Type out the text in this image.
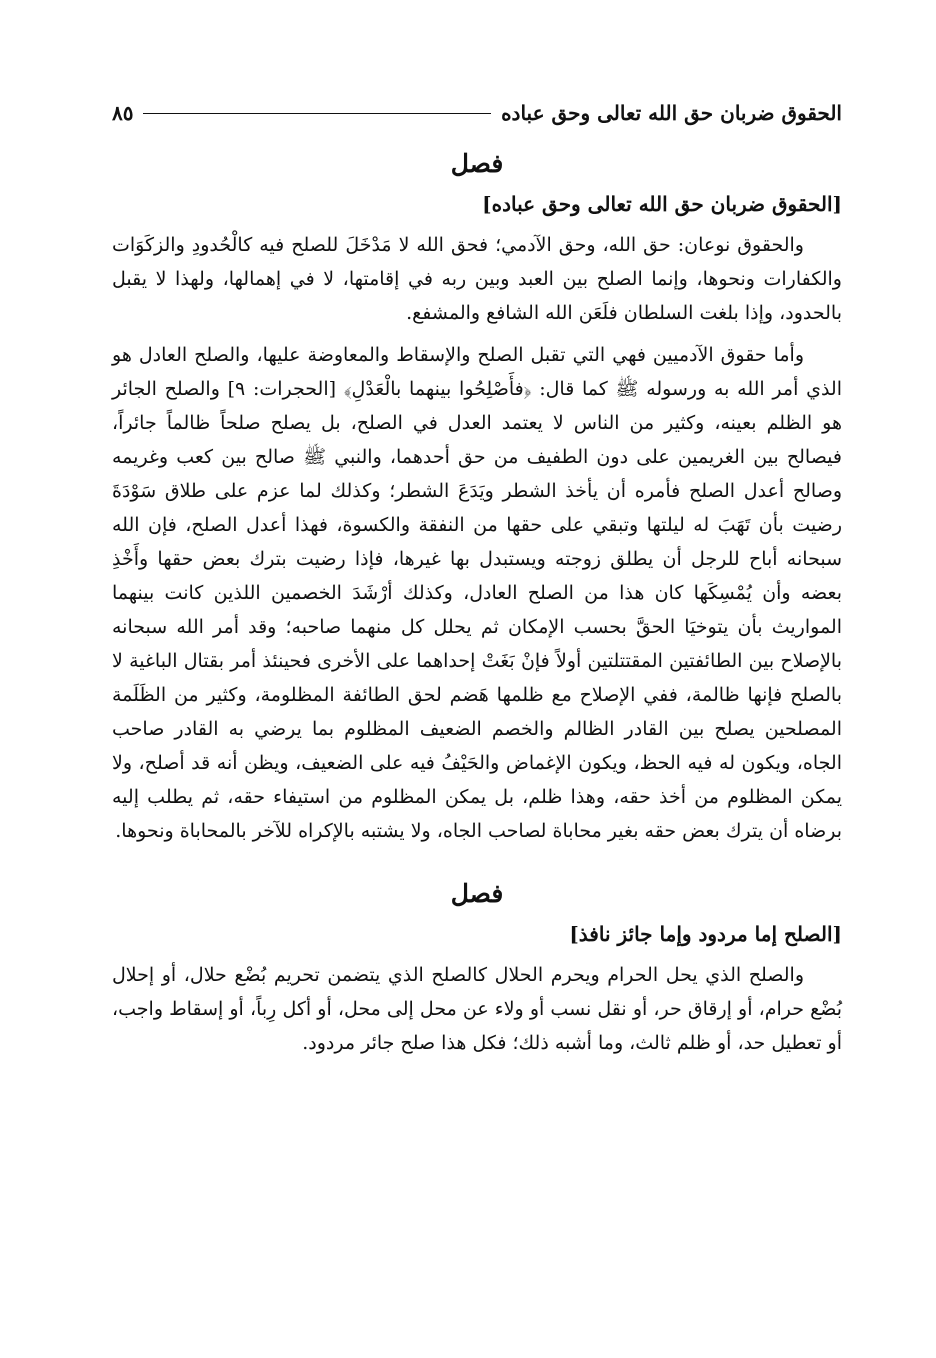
الحقوق ضربان حق الله تعالى وحق عباده
٨٥
فصل
[الحقوق ضربان حق الله تعالى وحق عباده]

والحقوق نوعان: حق الله، وحق الآدمي؛ فحق الله لا مَدْخَلَ للصلح فيه كالْحُدودِ والزكَوَات والكفارات ونحوها، وإنما الصلح بين العبد وبين ربه في إقامتها، لا في إهمالها، ولهذا لا يقبل بالحدود، وإذا بلغت السلطان فلَعَن الله الشافع والمشفع.

وأما حقوق الآدميين فهي التي تقبل الصلح والإسقاط والمعاوضة عليها، والصلح العادل هو الذي أمر الله به ورسوله ﷺ كما قال: ﴿فأَصْلِحُوا بينهما بالْعَدْلِ﴾ [الحجرات: ٩] والصلح الجائر هو الظلم بعينه، وكثير من الناس لا يعتمد العدل في الصلح، بل يصلح صلحاً ظالماً جائراً، فيصالح بين الغريمين على دون الطفيف من حق أحدهما، والنبي ﷺ صالح بين كعب وغريمه وصالح أعدل الصلح فأمره أن يأخذ الشطر ويَدَعَ الشطر؛ وكذلك لما عزم على طلاق سَوْدَةَ رضيت بأن تَهَبَ له ليلتها وتبقي على حقها من النفقة والكسوة، فهذا أعدل الصلح، فإن الله سبحانه أباح للرجل أن يطلق زوجته ويستبدل بها غيرها، فإذا رضيت بترك بعض حقها وأَخْذِ بعضه وأن يُمْسِكَها كان هذا من الصلح العادل، وكذلك أرْشَدَ الخصمين اللذين كانت بينهما المواريث بأن يتوخيَا الحقَّ بحسب الإمكان ثم يحلل كل منهما صاحبه؛ وقد أمر الله سبحانه بالإصلاح بين الطائفتين المقتتلتين أولاً فإنْ بَغَتْ إحداهما على الأخرى فحينئذ أمر بقتال الباغية لا بالصلح فإنها ظالمة، ففي الإصلاح مع ظلمها هَضم لحق الطائفة المظلومة، وكثير من الظَلَمة المصلحين يصلح بين القادر الظالم والخصم الضعيف المظلوم بما يرضي به القادر صاحب الجاه، ويكون له فيه الحظ، ويكون الإغماض والحَيْفُ فيه على الضعيف، ويظن أنه قد أصلح، ولا يمكن المظلوم من أخذ حقه، وهذا ظلم، بل يمكن المظلوم من استيفاء حقه، ثم يطلب إليه برضاه أن يترك بعض حقه بغير محاباة لصاحب الجاه، ولا يشتبه بالإكراه للآخر بالمحاباة ونحوها.

فصل
[الصلح إما مردود وإما جائز نافذ]

والصلح الذي يحل الحرام ويحرم الحلال كالصلح الذي يتضمن تحريم بُضْع حلال، أو إحلال بُضْع حرام، أو إرقاق حر، أو نقل نسب أو ولاء عن محل إلى محل، أو أكل رِباً، أو إسقاط واجب، أو تعطيل حد، أو ظلم ثالث، وما أشبه ذلك؛ فكل هذا صلح جائر مردود.
